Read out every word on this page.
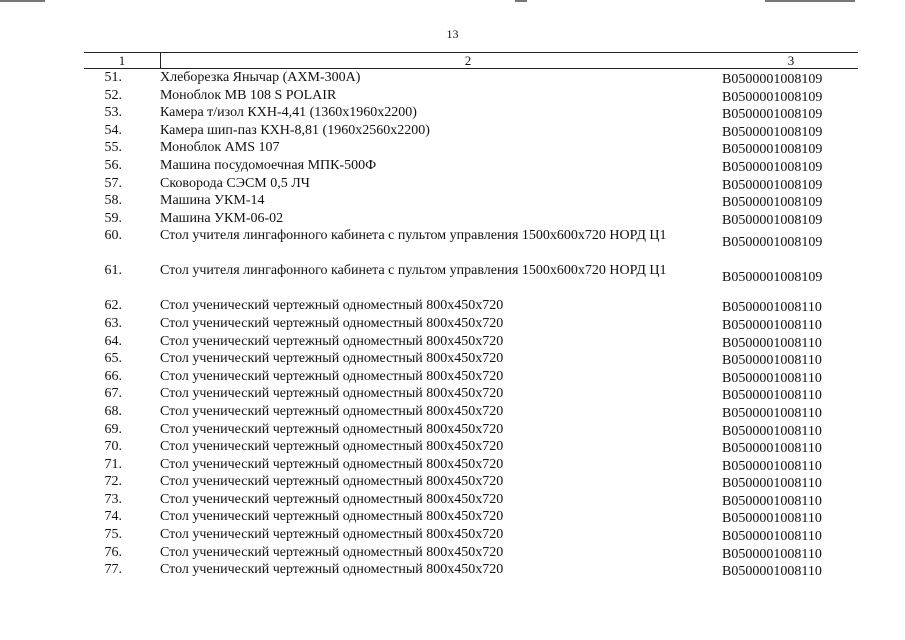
13
1	2	3
51.	Хлеборезка Янычар (АХМ-300А)	В0500001008109
52.	Моноблок MB 108 S POLAIR	В0500001008109
53.	Камера т/изол КХН-4,41 (1360х1960х2200)	В0500001008109
54.	Камера шип-паз КХН-8,81 (1960х2560х2200)	В0500001008109
55.	Моноблок AMS 107	В0500001008109
56.	Машина посудомоечная МПК-500Ф	В0500001008109
57.	Сковорода СЭСМ 0,5 ЛЧ	В0500001008109
58.	Машина УКМ-14	В0500001008109
59.	Машина УКМ-06-02	В0500001008109
60.	Стол учителя лингафонного кабинета с пультом управления 1500х600х720 НОРД Ц1	В0500001008109
61.	Стол учителя лингафонного кабинета с пультом управления 1500х600х720 НОРД Ц1	В0500001008109
62.	Стол ученический чертежный одноместный 800х450х720	В0500001008110
63.	Стол ученический чертежный одноместный 800х450х720	В0500001008110
64.	Стол ученический чертежный одноместный 800х450х720	В0500001008110
65.	Стол ученический чертежный одноместный 800х450х720	В0500001008110
66.	Стол ученический чертежный одноместный 800х450х720	В0500001008110
67.	Стол ученический чертежный одноместный 800х450х720	В0500001008110
68.	Стол ученический чертежный одноместный 800х450х720	В0500001008110
69.	Стол ученический чертежный одноместный 800х450х720	В0500001008110
70.	Стол ученический чертежный одноместный 800х450х720	В0500001008110
71.	Стол ученический чертежный одноместный 800х450х720	В0500001008110
72.	Стол ученический чертежный одноместный 800х450х720	В0500001008110
73.	Стол ученический чертежный одноместный 800х450х720	В0500001008110
74.	Стол ученический чертежный одноместный 800х450х720	В0500001008110
75.	Стол ученический чертежный одноместный 800х450х720	В0500001008110
76.	Стол ученический чертежный одноместный 800х450х720	В0500001008110
77.	Стол ученический чертежный одноместный 800х450х720	В0500001008110
